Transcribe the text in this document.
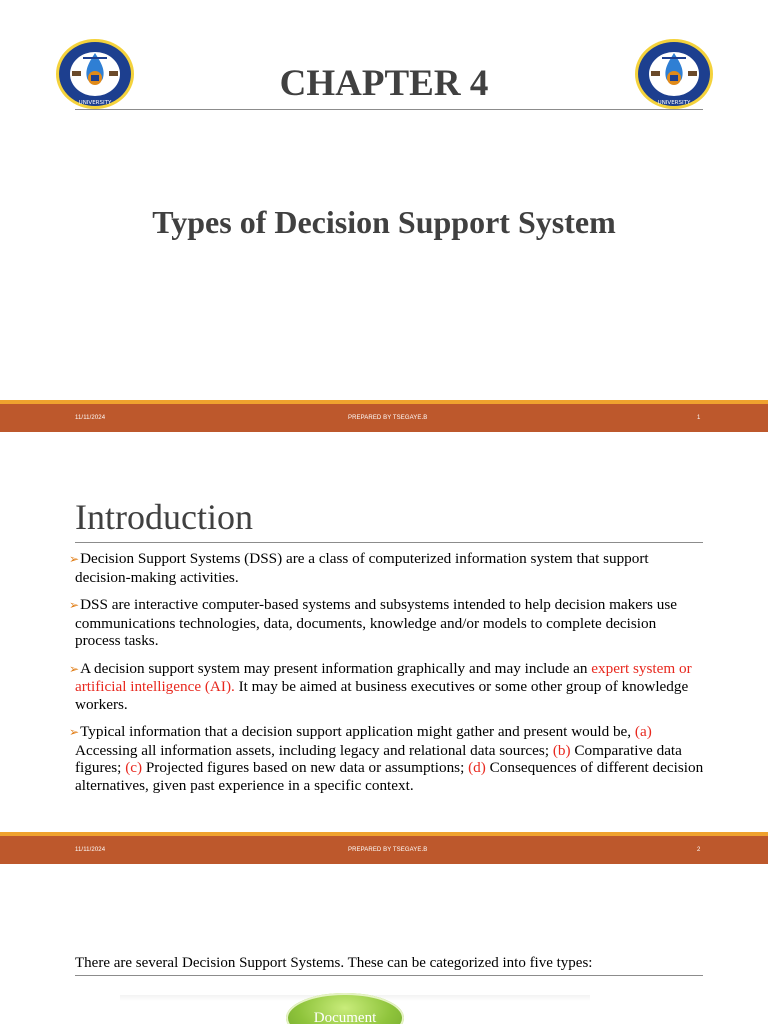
UNIVERSITY	UNIVERSITY
CHAPTER 4
Types of Decision Support System
11/11/2024	PREPARED BY TSEGAYE.B	1
Introduction
➢Decision Support Systems (DSS) are a class of computerized information system that support decision-making activities.
➢DSS are interactive computer-based systems and subsystems intended to help decision makers use communications technologies, data, documents, knowledge and/or models to complete decision process tasks.
➢A decision support system may present information graphically and may include an expert system or artificial intelligence (AI). It may be aimed at business executives or some other group of knowledge workers.
➢Typical information that a decision support application might gather and present would be, (a) Accessing all information assets, including legacy and relational data sources; (b) Comparative data figures; (c) Projected figures based on new data or assumptions; (d) Consequences of different decision alternatives, given past experience in a specific context.
11/11/2024	PREPARED BY TSEGAYE.B	2
There are several Decision Support Systems. These can be categorized into five types:
Document
